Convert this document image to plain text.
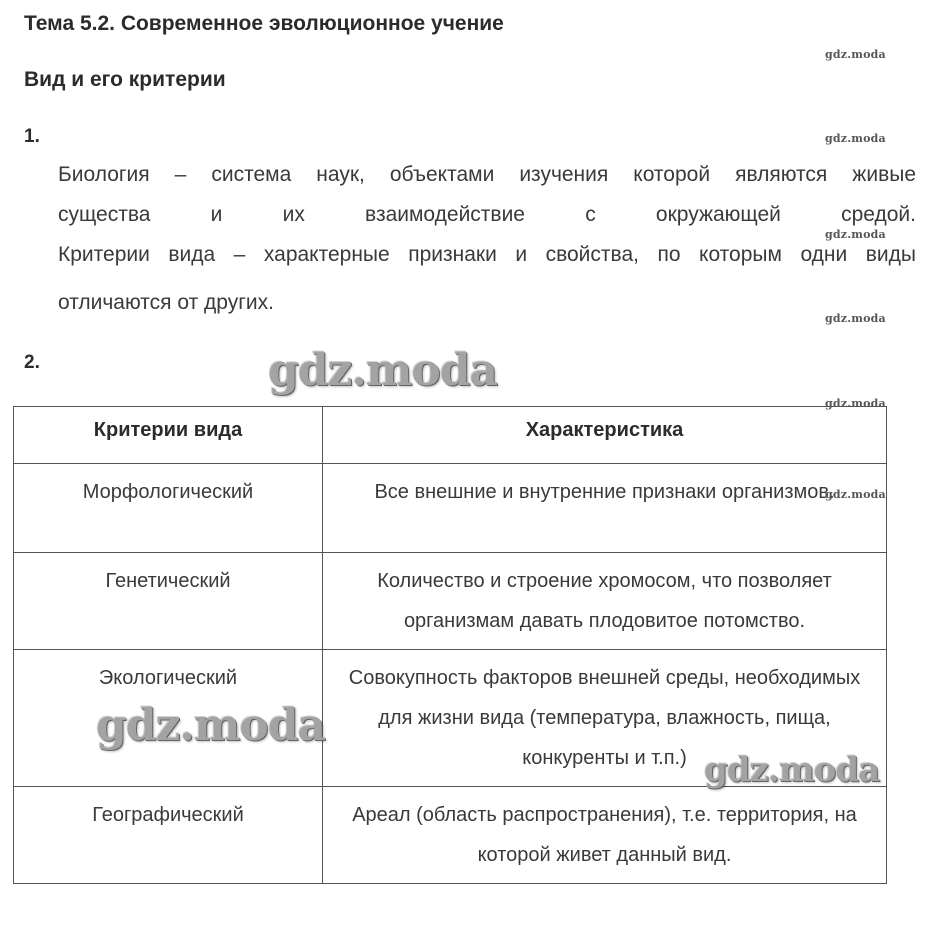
Тема 5.2. Современное эволюционное учение
Вид и его критерии
1.
Биология – система наук, объектами изучения которой являются живые
существа и их взаимодействие с окружающей средой.
Критерии вида – характерные признаки и свойства, по которым одни виды
отличаются от других.
2.
Критерии вида	Характеристика
Морфологический	Все внешние и внутренние признаки организмов.
Генетический	Количество и строение хромосом, что позволяет организмам давать плодовитое потомство.
Экологический	Совокупность факторов внешней среды, необходимых для жизни вида (температура, влажность, пища, конкуренты и т.п.)
Географический	Ареал (область распространения), т.е. территория, на которой живет данный вид.
gdz.moda
gdz.moda
gdz.moda
gdz.moda
gdz.moda
gdz.moda
gdz.moda
gdz.moda
gdz.moda
